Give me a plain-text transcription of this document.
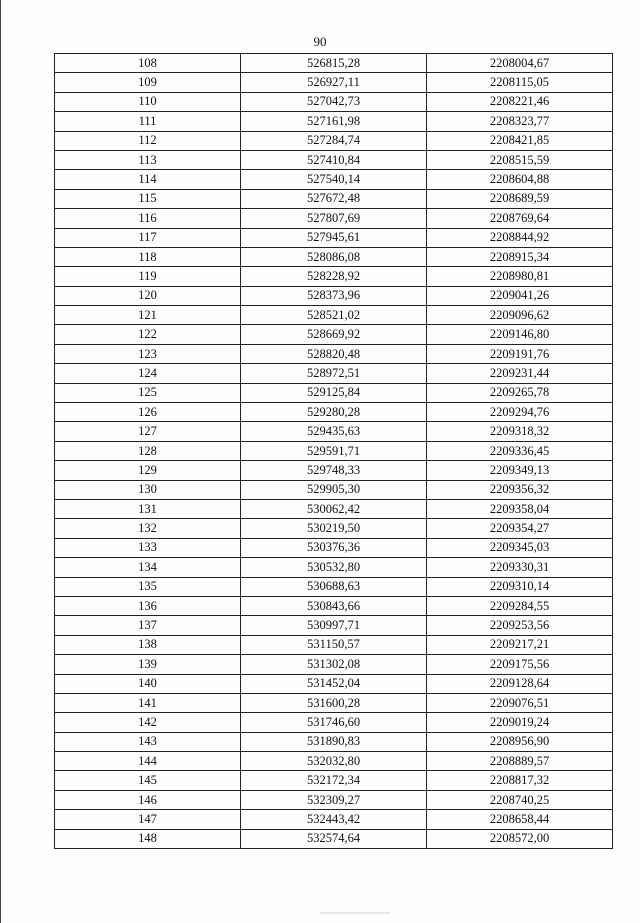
90
108	526815,28	2208004,67
109	526927,11	2208115,05
110	527042,73	2208221,46
111	527161,98	2208323,77
112	527284,74	2208421,85
113	527410,84	2208515,59
114	527540,14	2208604,88
115	527672,48	2208689,59
116	527807,69	2208769,64
117	527945,61	2208844,92
118	528086,08	2208915,34
119	528228,92	2208980,81
120	528373,96	2209041,26
121	528521,02	2209096,62
122	528669,92	2209146,80
123	528820,48	2209191,76
124	528972,51	2209231,44
125	529125,84	2209265,78
126	529280,28	2209294,76
127	529435,63	2209318,32
128	529591,71	2209336,45
129	529748,33	2209349,13
130	529905,30	2209356,32
131	530062,42	2209358,04
132	530219,50	2209354,27
133	530376,36	2209345,03
134	530532,80	2209330,31
135	530688,63	2209310,14
136	530843,66	2209284,55
137	530997,71	2209253,56
138	531150,57	2209217,21
139	531302,08	2209175,56
140	531452,04	2209128,64
141	531600,28	2209076,51
142	531746,60	2209019,24
143	531890,83	2208956,90
144	532032,80	2208889,57
145	532172,34	2208817,32
146	532309,27	2208740,25
147	532443,42	2208658,44
148	532574,64	2208572,00
